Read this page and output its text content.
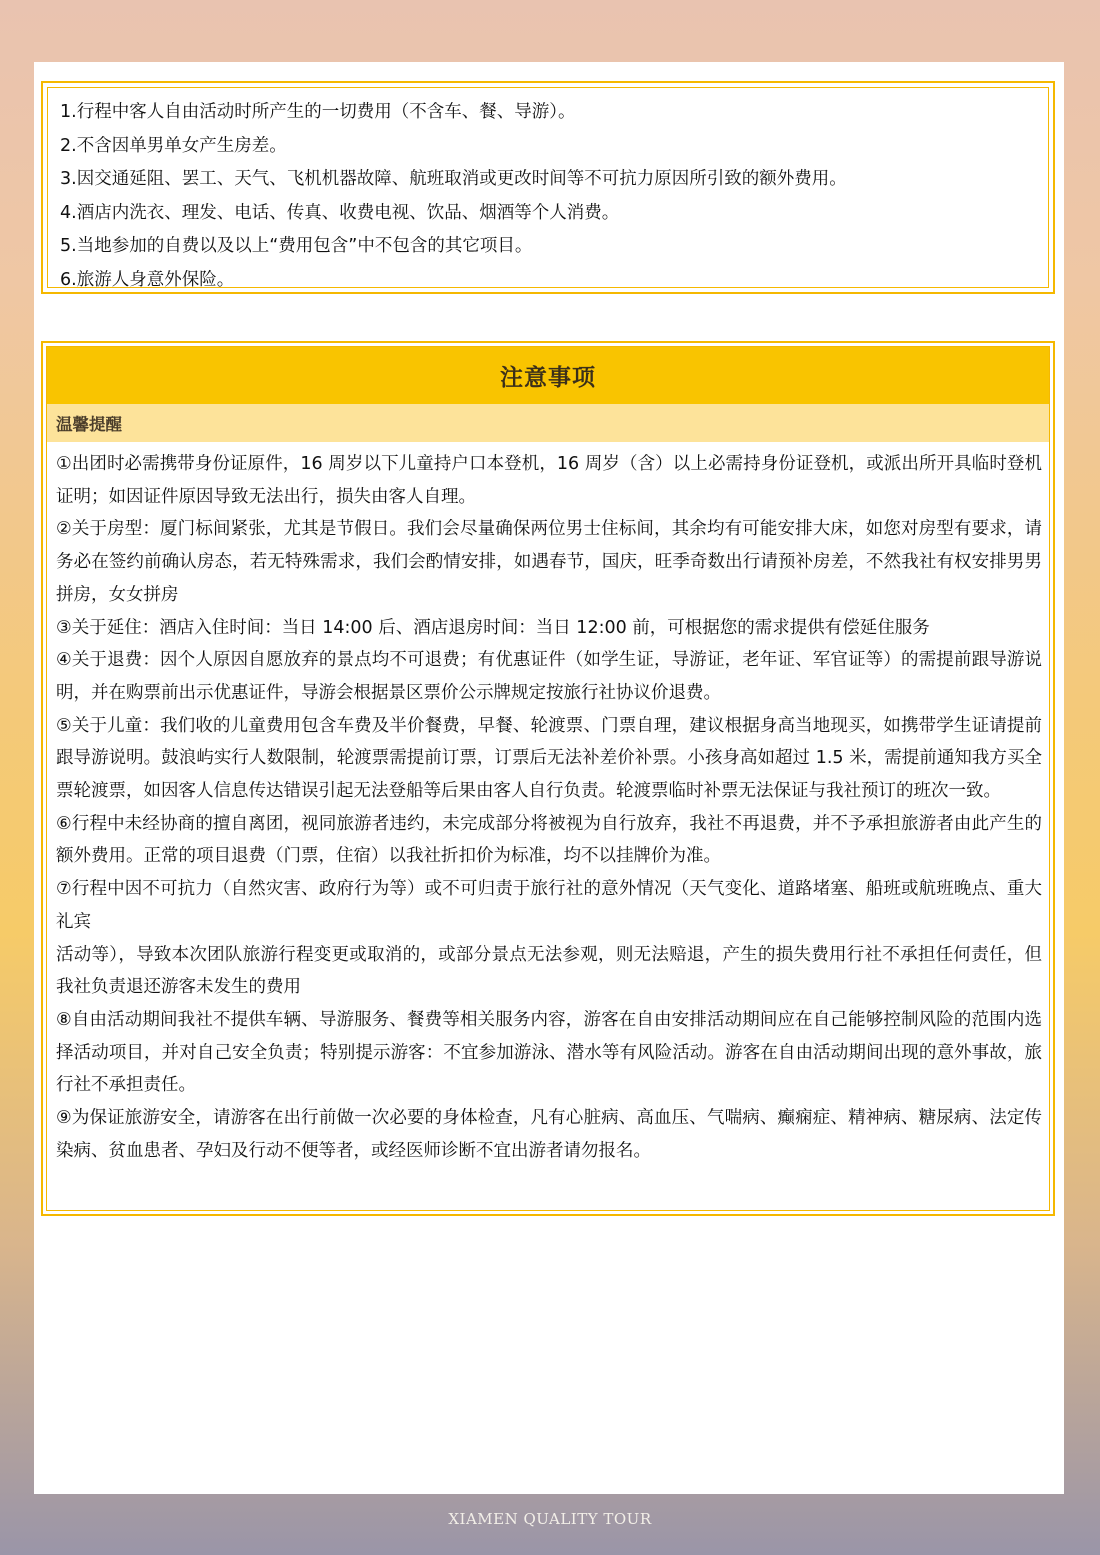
1.行程中客人自由活动时所产生的一切费用（不含车、餐、导游）。
2.不含因单男单女产生房差。
3.因交通延阻、罢工、天气、飞机机器故障、航班取消或更改时间等不可抗力原因所引致的额外费用。
4.酒店内洗衣、理发、电话、传真、收费电视、饮品、烟酒等个人消费。
5.当地参加的自费以及以上“费用包含”中不包含的其它项目。
6.旅游人身意外保险。
注意事项
温馨提醒

①出团时必需携带身份证原件，16 周岁以下儿童持户口本登机，16 周岁（含）以上必需持身份证登机，或派出所开具临时登机证明；如因证件原因导致无法出行，损失由客人自理。

②关于房型：厦门标间紧张，尤其是节假日。我们会尽量确保两位男士住标间，其余均有可能安排大床，如您对房型有要求，请务必在签约前确认房态，若无特殊需求，我们会酌情安排，如遇春节，国庆，旺季奇数出行请预补房差，不然我社有权安排男男拼房，女女拼房

③关于延住：酒店入住时间：当日 14:00 后、酒店退房时间：当日 12:00 前，可根据您的需求提供有偿延住服务

④关于退费：因个人原因自愿放弃的景点均不可退费；有优惠证件（如学生证，导游证，老年证、军官证等）的需提前跟导游说明，并在购票前出示优惠证件，导游会根据景区票价公示牌规定按旅行社协议价退费。

⑤关于儿童：我们收的儿童费用包含车费及半价餐费，早餐、轮渡票、门票自理，建议根据身高当地现买，如携带学生证请提前跟导游说明。鼓浪屿实行人数限制，轮渡票需提前订票，订票后无法补差价补票。小孩身高如超过 1.5 米，需提前通知我方买全票轮渡票，如因客人信息传达错误引起无法登船等后果由客人自行负责。轮渡票临时补票无法保证与我社预订的班次一致。

⑥行程中未经协商的擅自离团，视同旅游者违约，未完成部分将被视为自行放弃，我社不再退费，并不予承担旅游者由此产生的额外费用。正常的项目退费（门票，住宿）以我社折扣价为标准，均不以挂牌价为准。

⑦行程中因不可抗力（自然灾害、政府行为等）或不可归责于旅行社的意外情况（天气变化、道路堵塞、船班或航班晚点、重大礼宾

活动等），导致本次团队旅游行程变更或取消的，或部分景点无法参观，则无法赔退，产生的损失费用行社不承担任何责任，但我社负责退还游客未发生的费用

⑧自由活动期间我社不提供车辆、导游服务、餐费等相关服务内容，游客在自由安排活动期间应在自己能够控制风险的范围内选择活动项目，并对自己安全负责；特别提示游客：不宜参加游泳、潜水等有风险活动。游客在自由活动期间出现的意外事故，旅行社不承担责任。

⑨为保证旅游安全，请游客在出行前做一次必要的身体检查，凡有心脏病、高血压、气喘病、癫痫症、精神病、糖尿病、法定传染病、贫血患者、孕妇及行动不便等者，或经医师诊断不宜出游者请勿报名。

XIAMEN QUALITY TOUR
